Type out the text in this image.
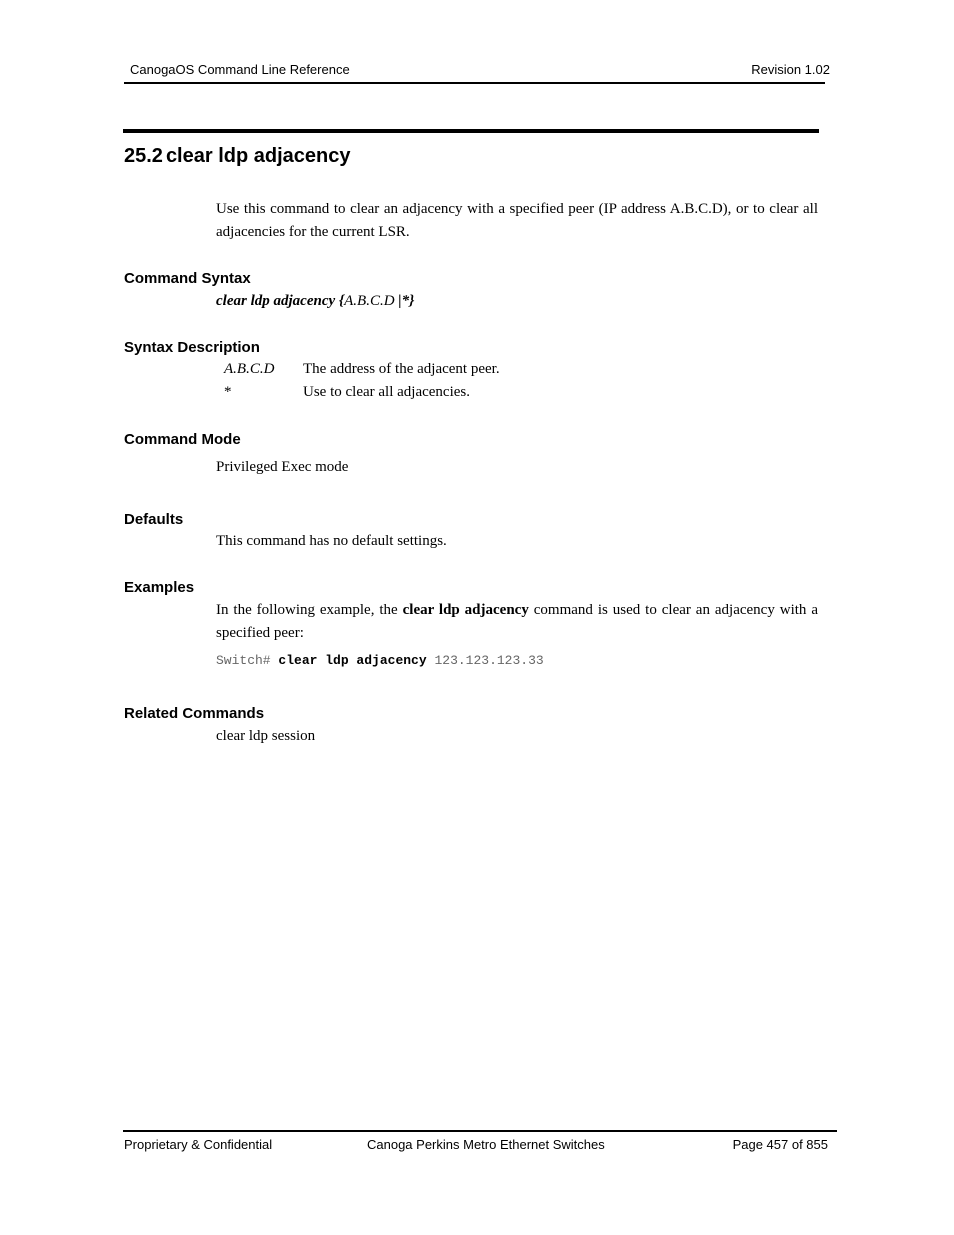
CanogaOS Command Line Reference	Revision 1.02
25.2 clear ldp adjacency
Use this command to clear an adjacency with a specified peer (IP address A.B.C.D), or to clear all adjacencies for the current LSR.
Command Syntax
clear ldp adjacency {A.B.C.D |*}
Syntax Description
A.B.C.D The address of the adjacent peer.
*	Use to clear all adjacencies.
Command Mode
Privileged Exec mode
Defaults
This command has no default settings.
Examples
In the following example, the clear ldp adjacency command is used to clear an adjacency with a specified peer:
Switch# clear ldp adjacency 123.123.123.33
Related Commands
clear ldp session
Proprietary & Confidential	Canoga Perkins Metro Ethernet Switches	Page 457 of 855
